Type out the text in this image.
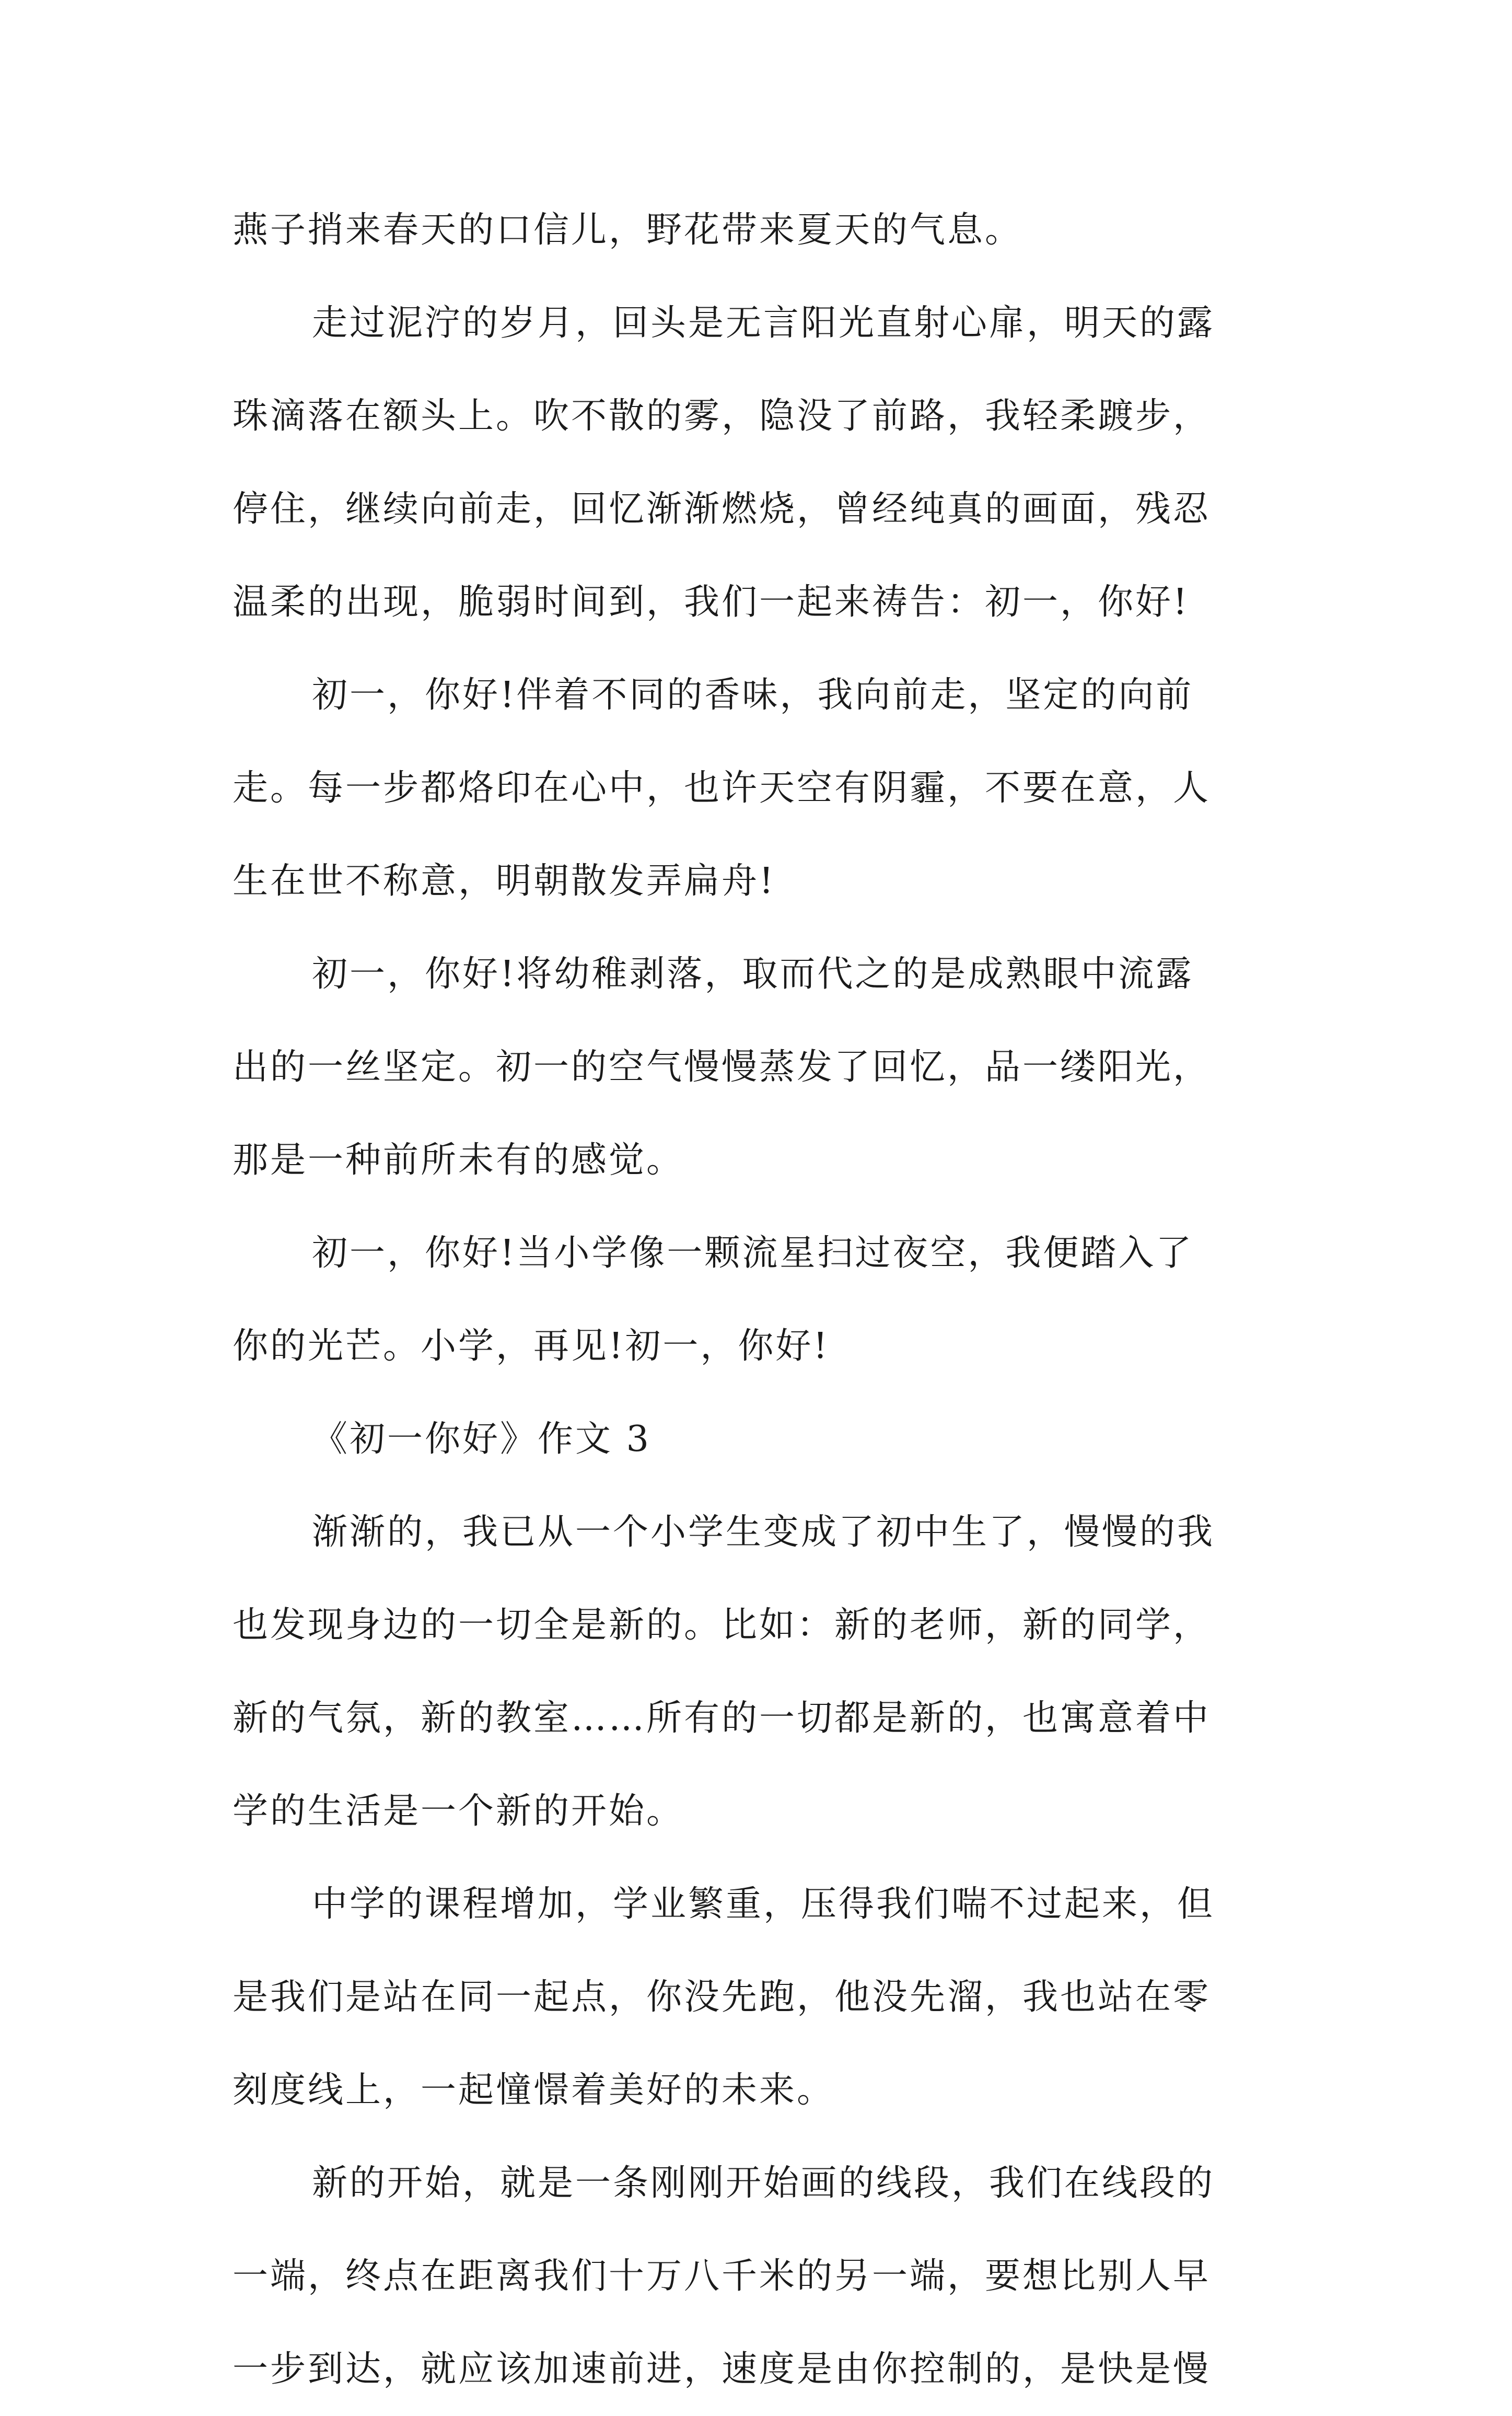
燕子捎来春天的口信儿，野花带来夏天的气息。
走过泥泞的岁月，回头是无言阳光直射心扉，明天的露
珠滴落在额头上。吹不散的雾，隐没了前路，我轻柔踱步，
停住，继续向前走，回忆渐渐燃烧，曾经纯真的画面，残忍
温柔的出现，脆弱时间到，我们一起来祷告：初一，你好!
初一，你好!伴着不同的香味，我向前走，坚定的向前
走。每一步都烙印在心中，也许天空有阴霾，不要在意，人
生在世不称意，明朝散发弄扁舟!
初一，你好!将幼稚剥落，取而代之的是成熟眼中流露
出的一丝坚定。初一的空气慢慢蒸发了回忆，品一缕阳光，
那是一种前所未有的感觉。
初一，你好!当小学像一颗流星扫过夜空，我便踏入了
你的光芒。小学，再见!初一，你好!
《初一你好》作文 3
渐渐的，我已从一个小学生变成了初中生了，慢慢的我
也发现身边的一切全是新的。比如：新的老师，新的同学，
新的气氛，新的教室……所有的一切都是新的，也寓意着中
学的生活是一个新的开始。
中学的课程增加，学业繁重，压得我们喘不过起来，但
是我们是站在同一起点，你没先跑，他没先溜，我也站在零
刻度线上，一起憧憬着美好的未来。
新的开始，就是一条刚刚开始画的线段，我们在线段的
一端，终点在距离我们十万八千米的另一端，要想比别人早
一步到达，就应该加速前进，速度是由你控制的，是快是慢
